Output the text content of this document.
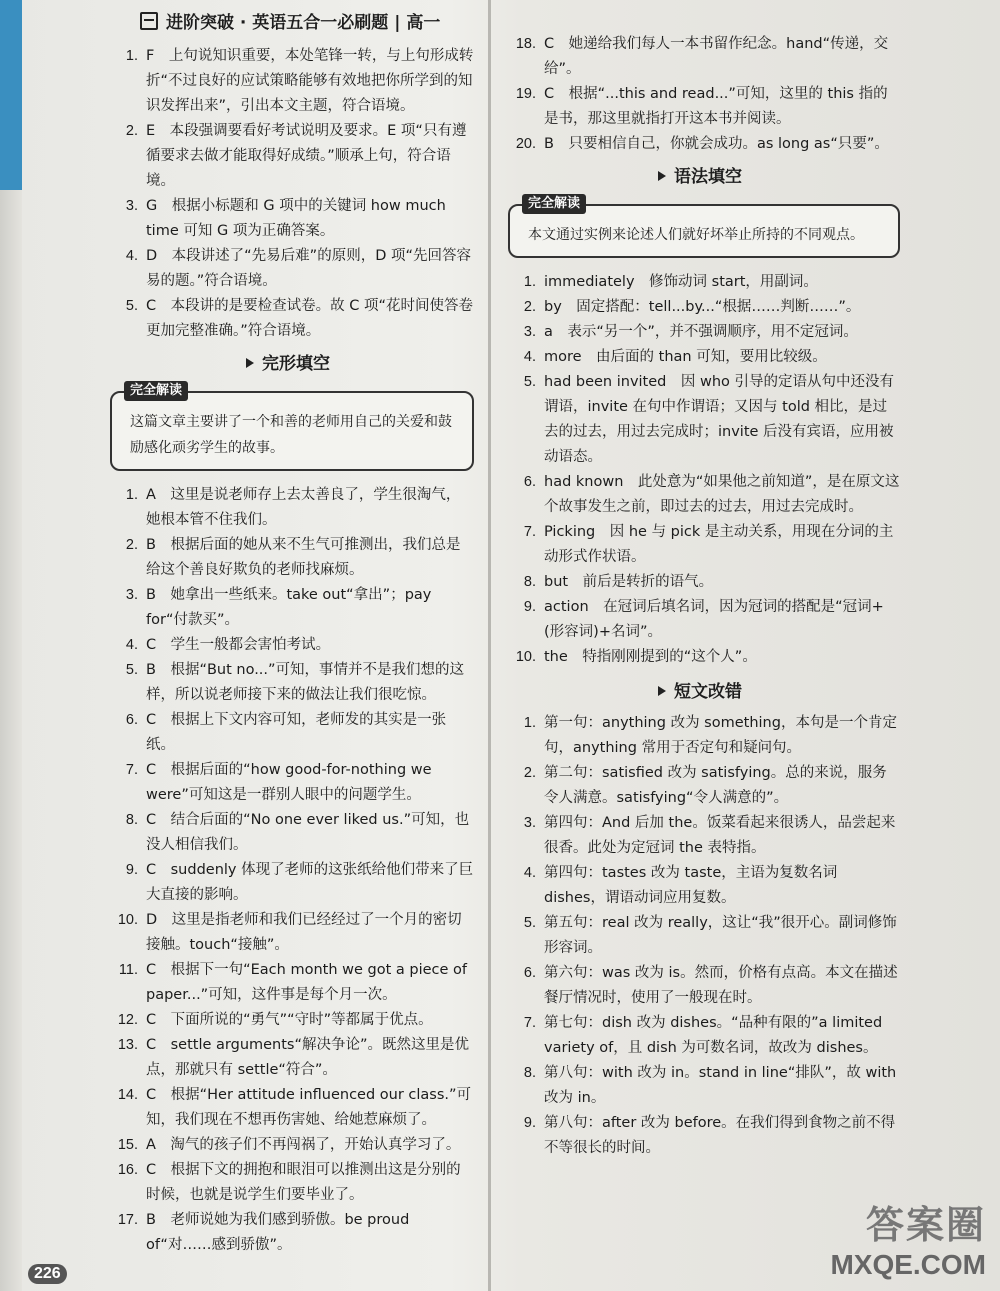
进阶突破 · 英语五合一必刷题 | 高一
1. F　上句说知识重要，本处笔锋一转，与上句形成转折“不过良好的应试策略能够有效地把你所学到的知识发挥出来”，引出本文主题，符合语境。
2. E　本段强调要看好考试说明及要求。E 项“只有遵循要求去做才能取得好成绩。”顺承上句，符合语境。
3. G　根据小标题和 G 项中的关键词 how much time 可知 G 项为正确答案。
4. D　本段讲述了“先易后难”的原则，D 项“先回答容易的题。”符合语境。
5. C　本段讲的是要检查试卷。故 C 项“花时间使答卷更加完整准确。”符合语境。
完形填空
完全解读
这篇文章主要讲了一个和善的老师用自己的关爱和鼓励感化顽劣学生的故事。
1. A　这里是说老师存上去太善良了，学生很淘气，她根本管不住我们。
2. B　根据后面的她从来不生气可推测出，我们总是给这个善良好欺负的老师找麻烦。
3. B　她拿出一些纸来。take out“拿出”；pay for“付款买”。
4. C　学生一般都会害怕考试。
5. B　根据“But no...”可知，事情并不是我们想的这样，所以说老师接下来的做法让我们很吃惊。
6. C　根据上下文内容可知，老师发的其实是一张纸。
7. C　根据后面的“how good-for-nothing we were”可知这是一群别人眼中的问题学生。
8. C　结合后面的“No one ever liked us.”可知，也没人相信我们。
9. C　suddenly 体现了老师的这张纸给他们带来了巨大直接的影响。
10. D　这里是指老师和我们已经经过了一个月的密切接触。touch“接触”。
11. C　根据下一句“Each month we got a piece of paper...”可知，这件事是每个月一次。
12. C　下面所说的“勇气”“守时”等都属于优点。
13. C　settle arguments“解决争论”。既然这里是优点，那就只有 settle“符合”。
14. C　根据“Her attitude influenced our class.”可知，我们现在不想再伤害她、给她惹麻烦了。
15. A　淘气的孩子们不再闯祸了，开始认真学习了。
16. C　根据下文的拥抱和眼泪可以推测出这是分别的时候，也就是说学生们要毕业了。
17. B　老师说她为我们感到骄傲。be proud of“对……感到骄傲”。
18. C　她递给我们每人一本书留作纪念。hand“传递，交给”。
19. C　根据“...this and read...”可知，这里的 this 指的是书，那这里就指打开这本书并阅读。
20. B　只要相信自己，你就会成功。as long as“只要”。
语法填空
完全解读
本文通过实例来论述人们就好坏举止所持的不同观点。
1. immediately　修饰动词 start，用副词。
2. by　固定搭配：tell...by...“根据……判断……”。
3. a　表示“另一个”，并不强调顺序，用不定冠词。
4. more　由后面的 than 可知，要用比较级。
5. had been invited　因 who 引导的定语从句中还没有谓语，invite 在句中作谓语；又因与 told 相比，是过去的过去，用过去完成时；invite 后没有宾语，应用被动语态。
6. had known　此处意为“如果他之前知道”，是在原文这个故事发生之前，即过去的过去，用过去完成时。
7. Picking　因 he 与 pick 是主动关系，用现在分词的主动形式作状语。
8. but　前后是转折的语气。
9. action　在冠词后填名词，因为冠词的搭配是“冠词+(形容词)+名词”。
10. the　特指刚刚提到的“这个人”。
短文改错
1. 第一句：anything 改为 something，本句是一个肯定句，anything 常用于否定句和疑问句。
2. 第二句：satisfied 改为 satisfying。总的来说，服务令人满意。satisfying“令人满意的”。
3. 第四句：And 后加 the。饭菜看起来很诱人，品尝起来很香。此处为定冠词 the 表特指。
4. 第四句：tastes 改为 taste，主语为复数名词 dishes，谓语动词应用复数。
5. 第五句：real 改为 really，这让“我”很开心。副词修饰形容词。
6. 第六句：was 改为 is。然而，价格有点高。本文在描述餐厅情况时，使用了一般现在时。
7. 第七句：dish 改为 dishes。“品种有限的”a limited variety of，且 dish 为可数名词，故改为 dishes。
8. 第八句：with 改为 in。stand in line“排队”，故 with 改为 in。
9. 第八句：after 改为 before。在我们得到食物之前不得不等很长的时间。
226
答案圈
MXQE.COM
